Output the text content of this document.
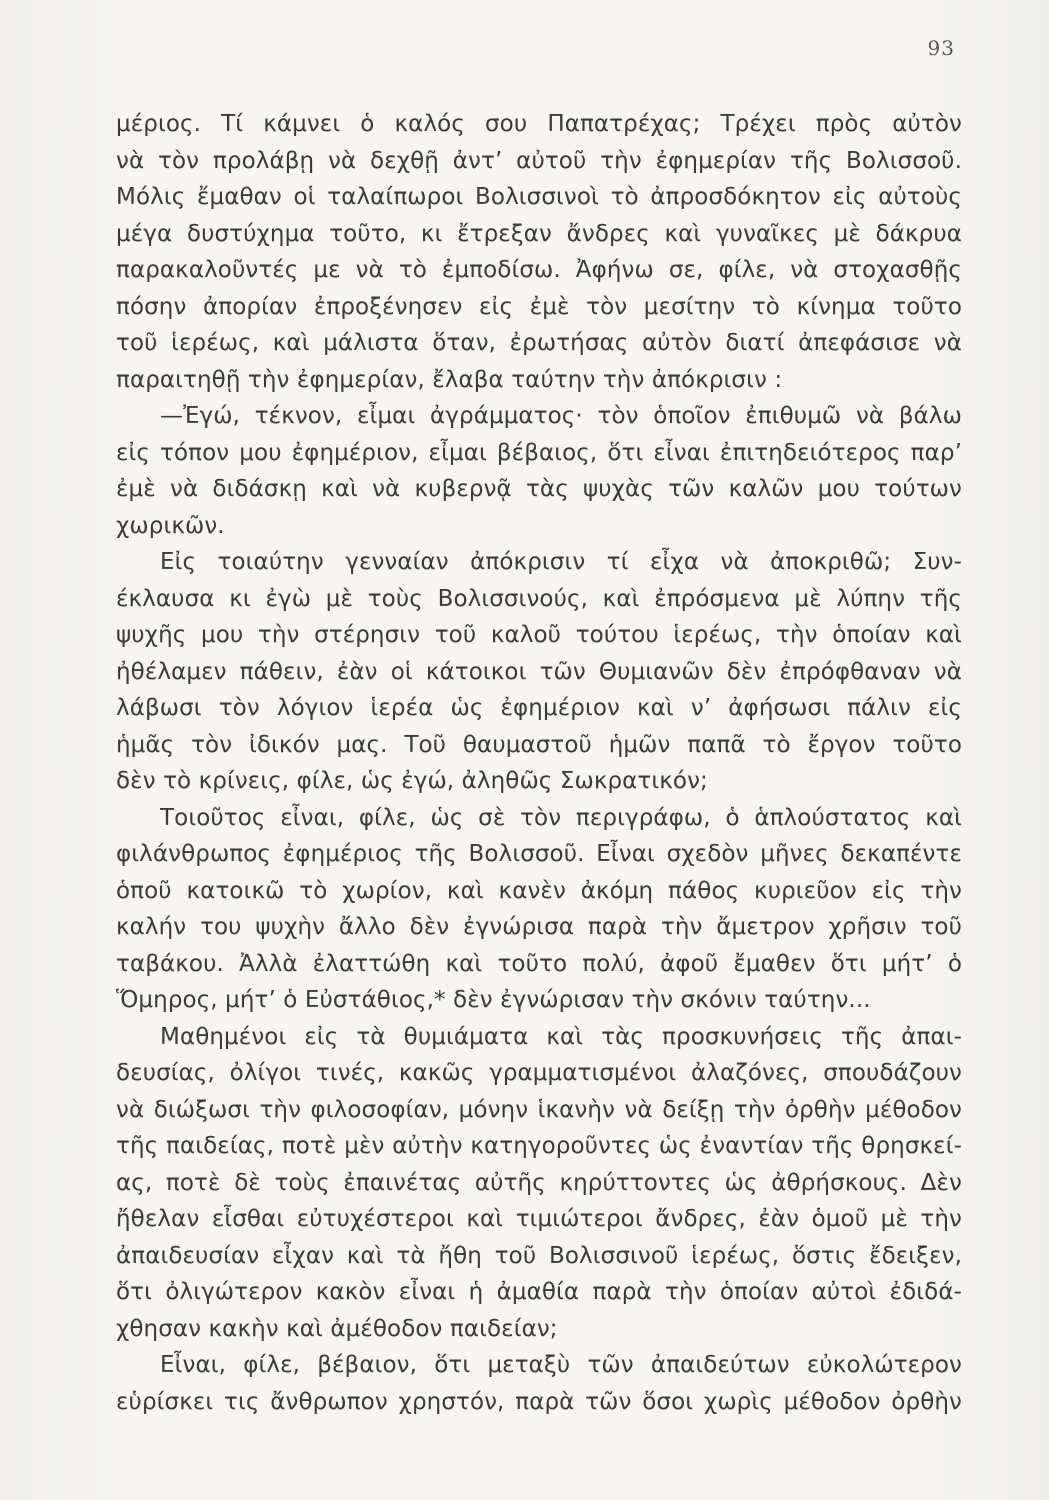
93
μέριος. Τί κάμνει ὁ καλός σου Παπατρέχας; Τρέχει πρὸς αὐτὸν
νὰ τὸν προλάβῃ νὰ δεχθῇ ἀντ’ αὐτοῦ τὴν ἐφημερίαν τῆς Βολισσοῦ.
Μόλις ἔμαθαν οἱ ταλαίπωροι Βολισσινοὶ τὸ ἀπροσδόκητον εἰς αὐτοὺς
μέγα δυστύχημα τοῦτο, κι ἔτρεξαν ἄνδρες καὶ γυναῖκες μὲ δάκρυα
παρακαλοῦντές με νὰ τὸ ἐμποδίσω. Ἀφήνω σε, φίλε, νὰ στοχασθῇς
πόσην ἀπορίαν ἐπροξένησεν εἰς ἐμὲ τὸν μεσίτην τὸ κίνημα τοῦτο
τοῦ ἱερέως, καὶ μάλιστα ὅταν, ἐρωτήσας αὐτὸν διατί ἀπεφάσισε νὰ
παραιτηθῇ τὴν ἐφημερίαν, ἔλαβα ταύτην τὴν ἀπόκρισιν :
—Ἐγώ, τέκνον, εἶμαι ἀγράμματος· τὸν ὁποῖον ἐπιθυμῶ νὰ βάλω
εἰς τόπον μου ἐφημέριον, εἶμαι βέβαιος, ὅτι εἶναι ἐπιτηδειότερος παρ’
ἐμὲ νὰ διδάσκῃ καὶ νὰ κυβερνᾷ τὰς ψυχὰς τῶν καλῶν μου τούτων
χωρικῶν.
Εἰς τοιαύτην γενναίαν ἀπόκρισιν τί εἶχα νὰ ἀποκριθῶ; Συν-
έκλαυσα κι ἐγὼ μὲ τοὺς Βολισσινούς, καὶ ἐπρόσμενα μὲ λύπην τῆς
ψυχῆς μου τὴν στέρησιν τοῦ καλοῦ τούτου ἱερέως, τὴν ὁποίαν καὶ
ἠθέλαμεν πάθειν, ἐὰν οἱ κάτοικοι τῶν Θυμιανῶν δὲν ἐπρόφθαναν νὰ
λάβωσι τὸν λόγιον ἱερέα ὡς ἐφημέριον καὶ ν’ ἀφήσωσι πάλιν εἰς
ἡμᾶς τὸν ἰδικόν μας. Τοῦ θαυμαστοῦ ἡμῶν παπᾶ τὸ ἔργον τοῦτο
δὲν τὸ κρίνεις, φίλε, ὡς ἐγώ, ἀληθῶς Σωκρατικόν;
Τοιοῦτος εἶναι, φίλε, ὡς σὲ τὸν περιγράφω, ὁ ἁπλούστατος καὶ
φιλάνθρωπος ἐφημέριος τῆς Βολισσοῦ. Εἶναι σχεδὸν μῆνες δεκαπέντε
ὁποῦ κατοικῶ τὸ χωρίον, καὶ κανὲν ἀκόμη πάθος κυριεῦον εἰς τὴν
καλήν του ψυχὴν ἄλλο δὲν ἐγνώρισα παρὰ τὴν ἄμετρον χρῆσιν τοῦ
ταβάκου. Ἀλλὰ ἐλαττώθη καὶ τοῦτο πολύ, ἀφοῦ ἔμαθεν ὅτι μήτ’ ὁ
Ὅμηρος, μήτ’ ὁ Εὐστάθιος,* δὲν ἐγνώρισαν τὴν σκόνιν ταύτην...
Μαθημένοι εἰς τὰ θυμιάματα καὶ τὰς προσκυνήσεις τῆς ἀπαι-
δευσίας, ὀλίγοι τινές, κακῶς γραμματισμένοι ἀλαζόνες, σπουδάζουν
νὰ διώξωσι τὴν φιλοσοφίαν, μόνην ἱκανὴν νὰ δείξῃ τὴν ὀρθὴν μέθοδον
τῆς παιδείας, ποτὲ μὲν αὐτὴν κατηγοροῦντες ὡς ἐναντίαν τῆς θρησκεί-
ας, ποτὲ δὲ τοὺς ἐπαινέτας αὐτῆς κηρύττοντες ὡς ἀθρήσκους. Δὲν
ἤθελαν εἶσθαι εὐτυχέστεροι καὶ τιμιώτεροι ἄνδρες, ἐὰν ὁμοῦ μὲ τὴν
ἀπαιδευσίαν εἶχαν καὶ τὰ ἤθη τοῦ Βολισσινοῦ ἱερέως, ὅστις ἔδειξεν,
ὅτι ὀλιγώτερον κακὸν εἶναι ἡ ἀμαθία παρὰ τὴν ὁποίαν αὐτοὶ ἐδιδά-
χθησαν κακὴν καὶ ἀμέθοδον παιδείαν;
Εἶναι, φίλε, βέβαιον, ὅτι μεταξὺ τῶν ἀπαιδεύτων εὐκολώτερον
εὑρίσκει τις ἄνθρωπον χρηστόν, παρὰ τῶν ὅσοι χωρὶς μέθοδον ὀρθὴν
